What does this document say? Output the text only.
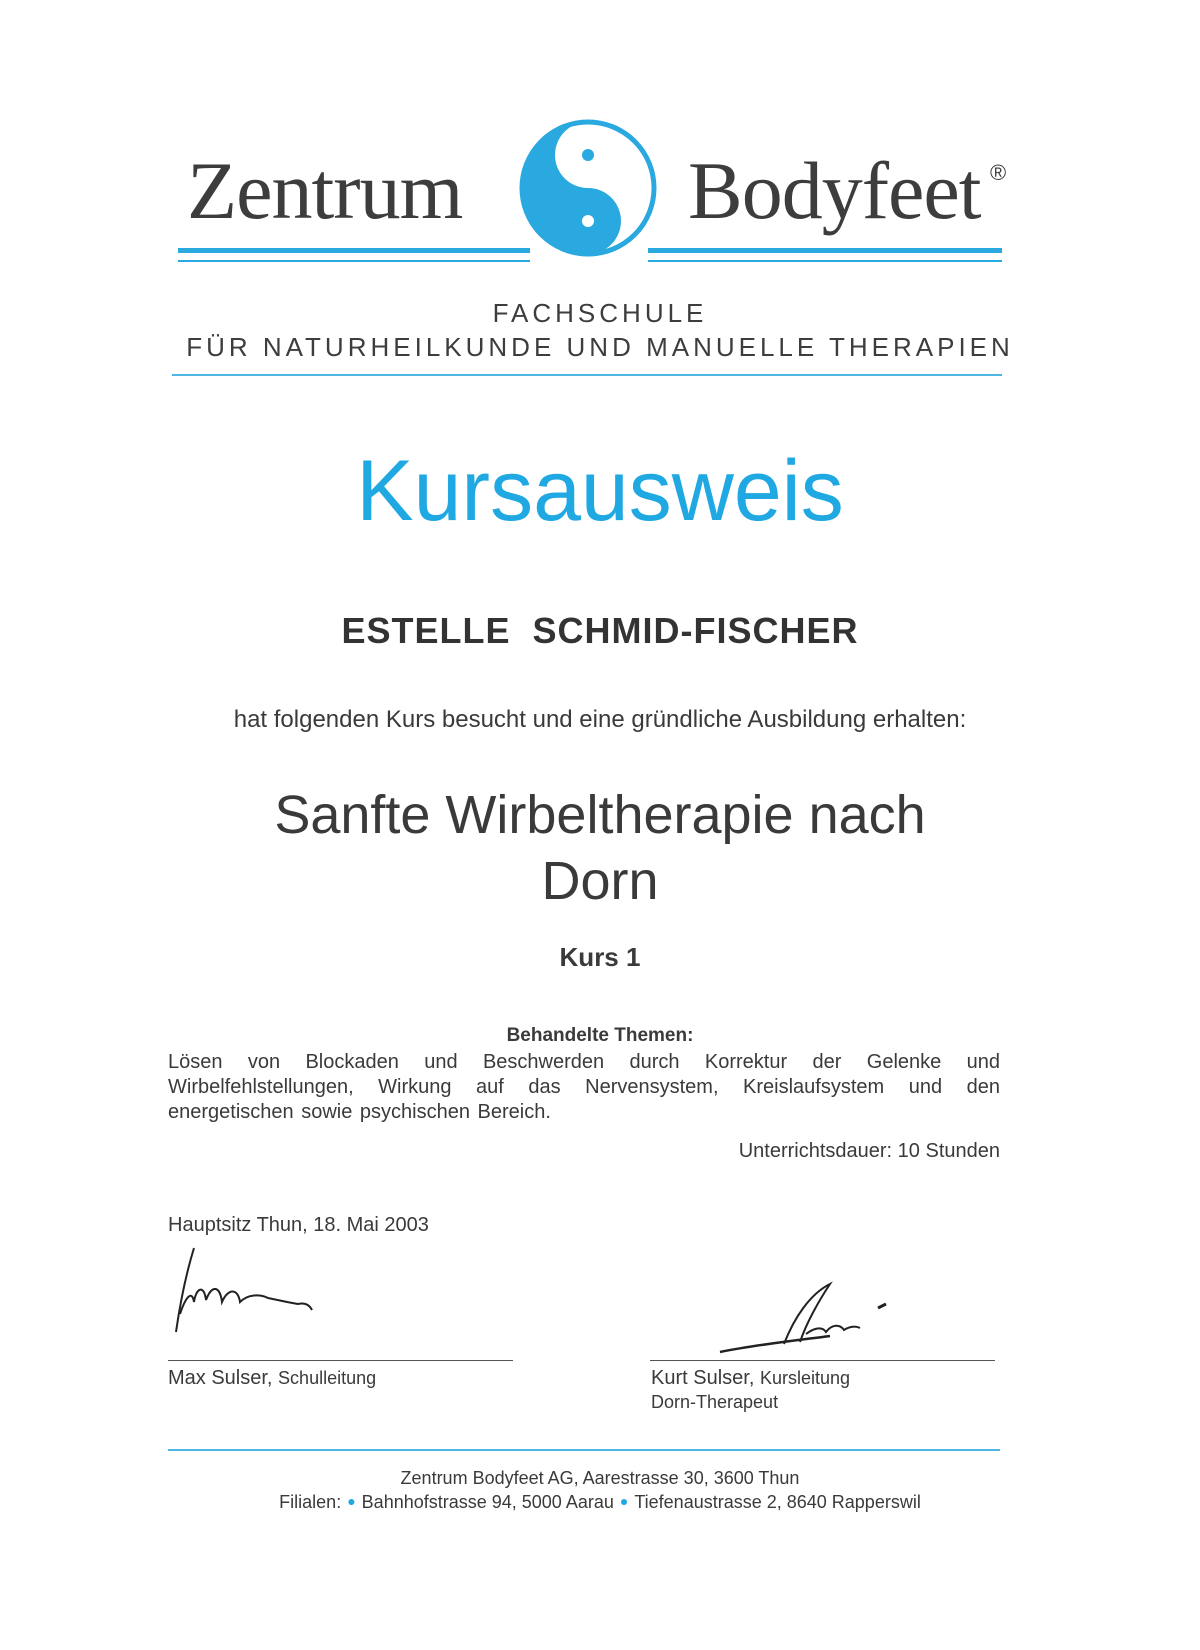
Zentrum	Bodyfeet ®
FACHSCHULE
FÜR NATURHEILKUNDE UND MANUELLE THERAPIEN
Kursausweis
ESTELLE  SCHMID-FISCHER
hat folgenden Kurs besucht und eine gründliche Ausbildung erhalten:
Sanfte Wirbeltherapie nach
Dorn
Kurs 1
Behandelte Themen:
Lösen von Blockaden und Beschwerden durch Korrektur der Gelenke und Wirbelfehlstellungen, Wirkung auf das Nervensystem, Kreislaufsystem und den energetischen sowie psychischen Bereich.
Unterrichtsdauer: 10 Stunden
Hauptsitz Thun, 18. Mai 2003
Max Sulser, Schulleitung	Kurt Sulser, Kursleitung
Dorn-Therapeut
Zentrum Bodyfeet AG, Aarestrasse 30, 3600 Thun
Filialen: ● Bahnhofstrasse 94, 5000 Aarau ● Tiefenaustrasse 2, 8640 Rapperswil
